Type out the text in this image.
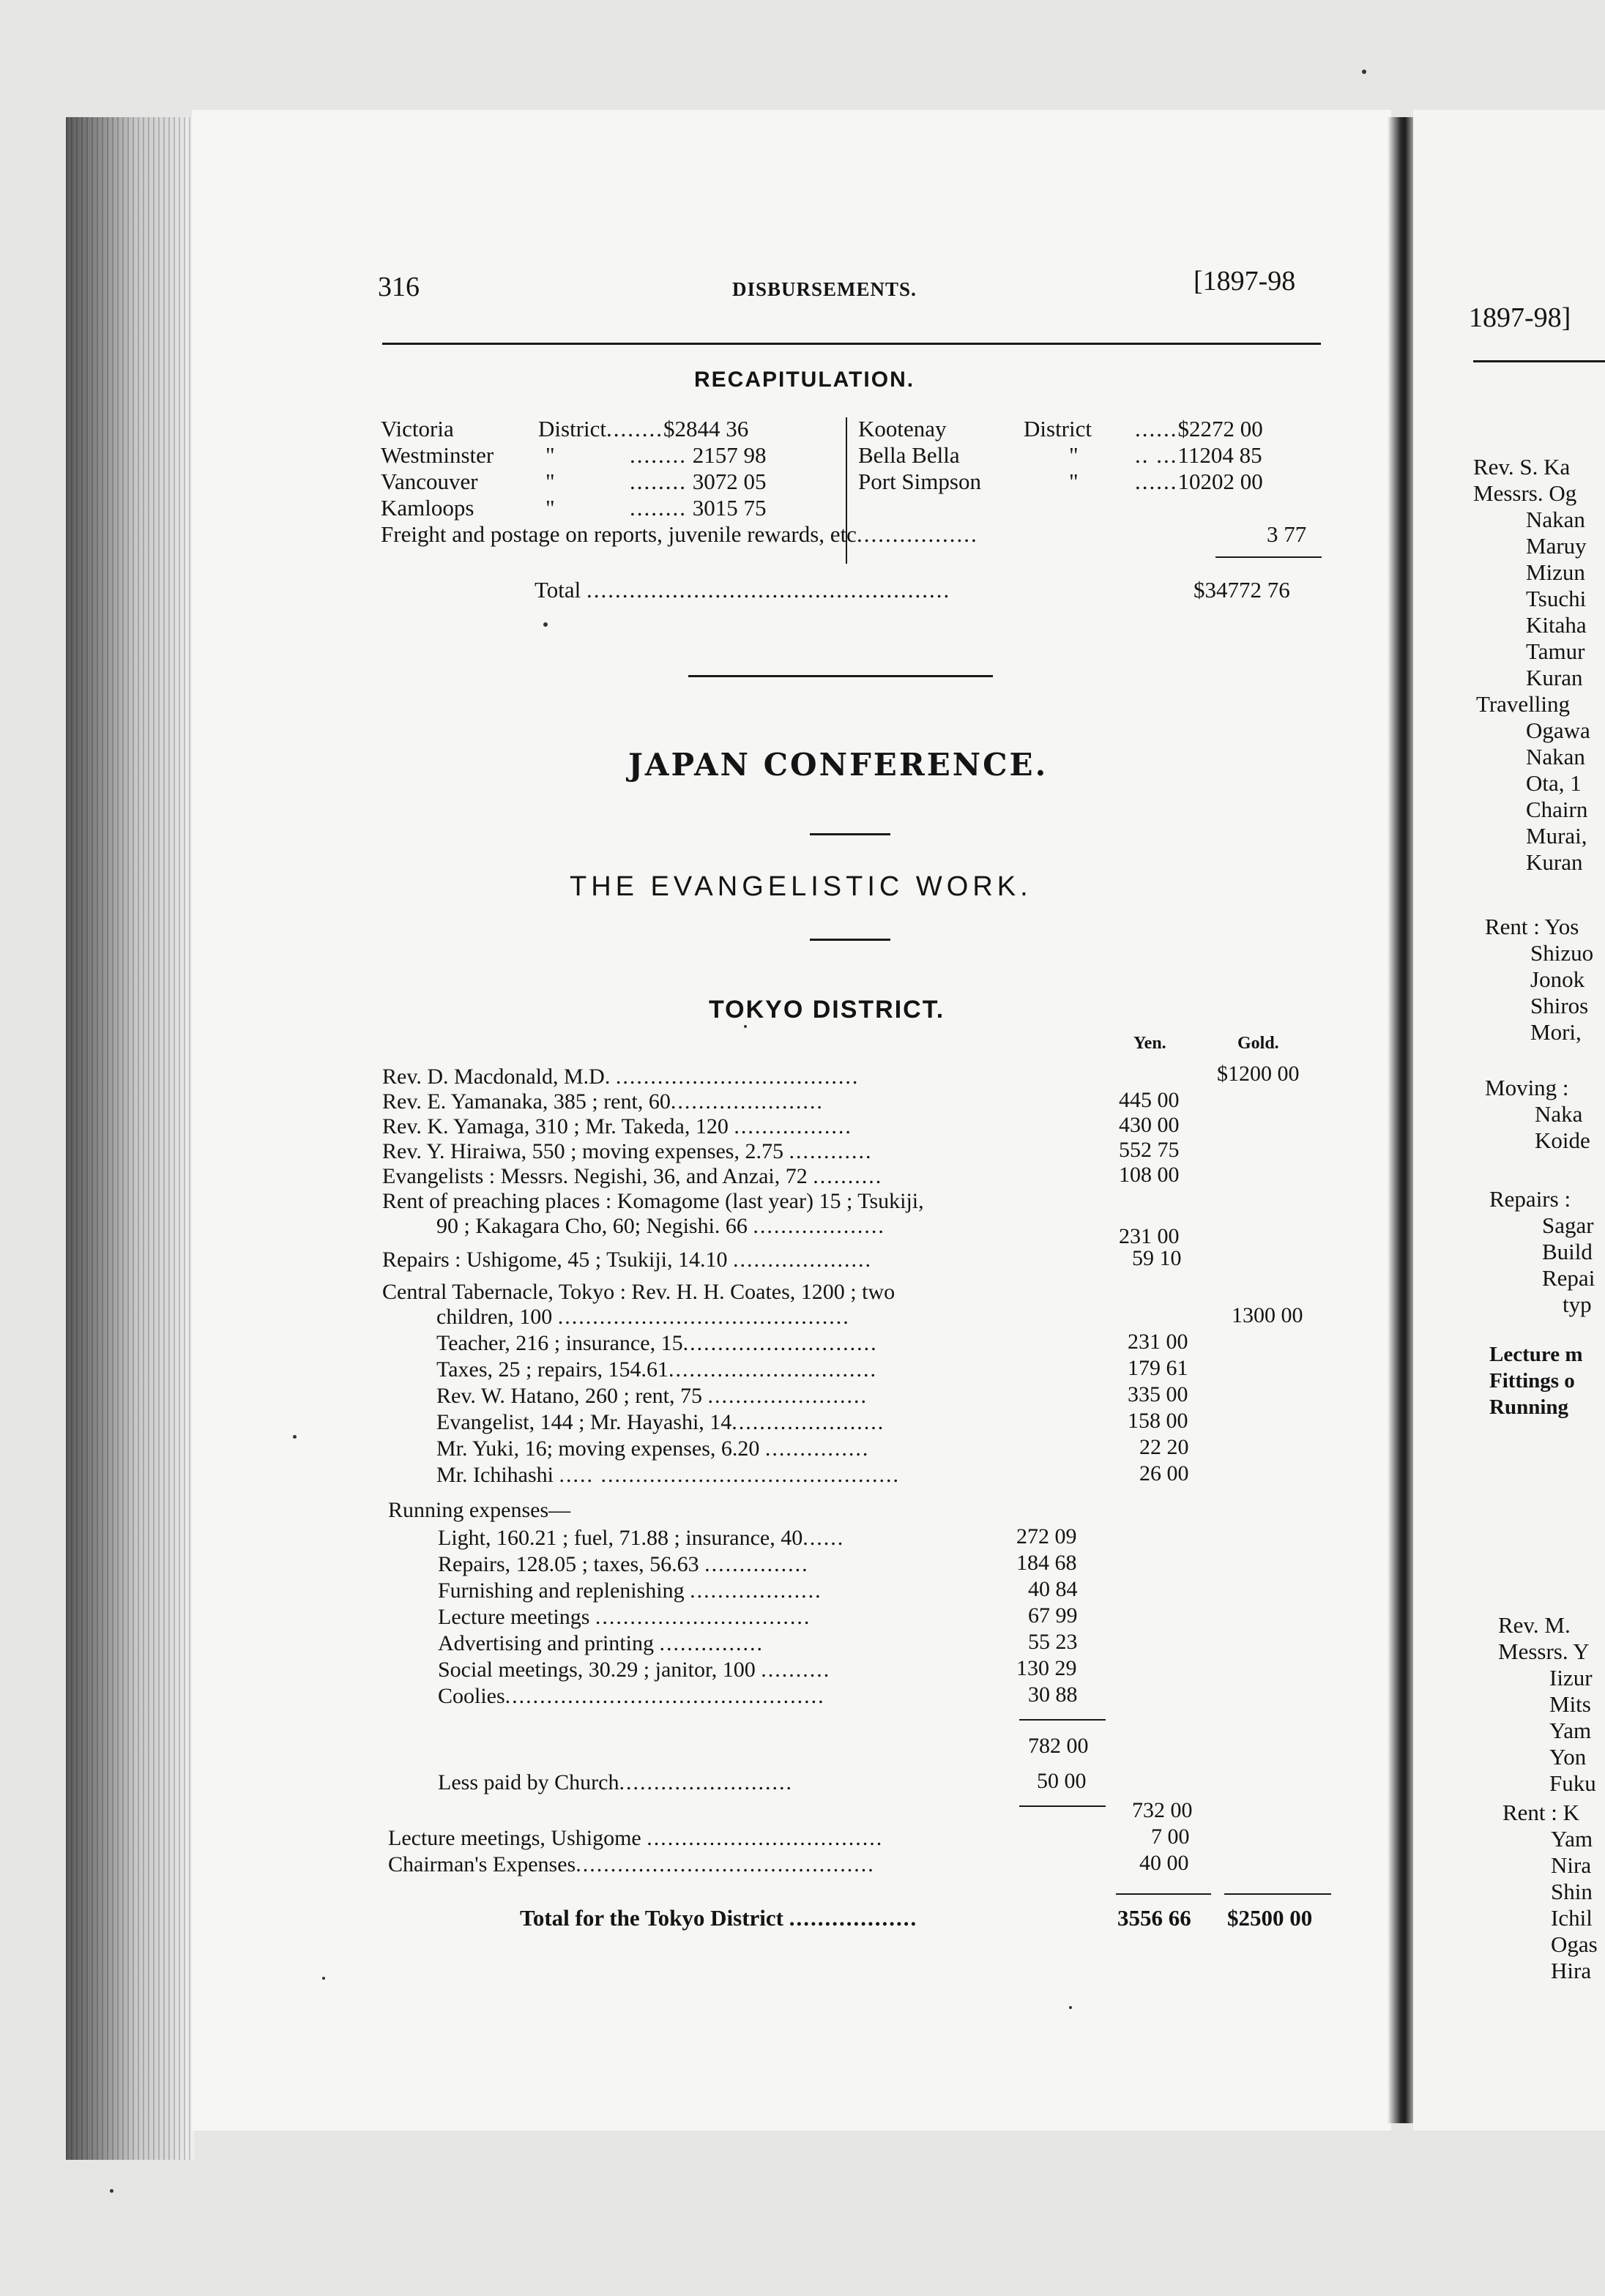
316	DISBURSEMENTS.	[1897-98
RECAPITULATION.
Victoria	District........$2844 36
Westminster "	........ 2157 98
Vancouver	"	........ 3072 05
Kamloops	"	........ 3015 75
Kootenay	District ......$2272 00
Bella Bella	" .. ...11204 85
Port Simpson	" ......10202 00
Freight and postage on reports, juvenile rewards, etc.................	3 77
Total ...................................................	$34772 76
JAPAN CONFERENCE.
THE EVANGELISTIC WORK.
TOKYO DISTRICT.
Yen.	Gold.
Rev. D. Macdonald, M.D. ...................................	$1200 00
Rev. E. Yamanaka, 385 ; rent, 60......................	445 00
Rev. K. Yamaga, 310 ; Mr. Takeda, 120 .................	430 00
Rev. Y. Hiraiwa, 550 ; moving expenses, 2.75 ............	552 75
Evangelists : Messrs. Negishi, 36, and Anzai, 72 ..........	108 00
Rent of preaching places : Komagome (last year) 15 ; Tsukiji,
90 ; Kakagara Cho, 60; Negishi. 66 ...................	231 00
Repairs : Ushigome, 45 ; Tsukiji, 14.10 ....................	59 10
Central Tabernacle, Tokyo : Rev. H. H. Coates, 1200 ; two
children, 100 ..........................................	1300 00
Teacher, 216 ; insurance, 15............................	231 00
Taxes, 25 ; repairs, 154.61..............................	179 61
Rev. W. Hatano, 260 ; rent, 75 .......................	335 00
Evangelist, 144 ; Mr. Hayashi, 14......................	158 00
Mr. Yuki, 16; moving expenses, 6.20 ...............	22 20
Mr. Ichihashi ..... ...........................................	26 00
Running expenses—
Light, 160.21 ; fuel, 71.88 ; insurance, 40......	272 09
Repairs, 128.05 ; taxes, 56.63 ...............	184 68
Furnishing and replenishing ...................	40 84
Lecture meetings ...............................	67 99
Advertising and printing ...............	55 23
Social meetings, 30.29 ; janitor, 100 ..........	130 29
Coolies..............................................	30 88
782 00
Less paid by Church.........................	50 00
732 00
Lecture meetings, Ushigome ..................................	7 00
Chairman's Expenses...........................................	40 00
Total for the Tokyo District ..................	3556 66 $2500 00
1897-98]
Rev. S. Ka
Messrs. Og
Nakan
Maruy
Mizun
Tsuchi
Kitaha
Tamur
Kuran
Travelling
Ogawa
Nakan
Ota, 1
Chairn
Murai,
Kuran
Rent : Yos
Shizuo
Jonok
Shiros
Mori,
Moving :
Naka
Koide
Repairs :
Sagar
Build
Repai
typ
Lecture m
Fittings o
Running
Rev. M.
Messrs. Y
Iizur
Mits
Yam
Yon
Fuku
Rent : K
Yam
Nira
Shin
Ichil
Ogas
Hira
